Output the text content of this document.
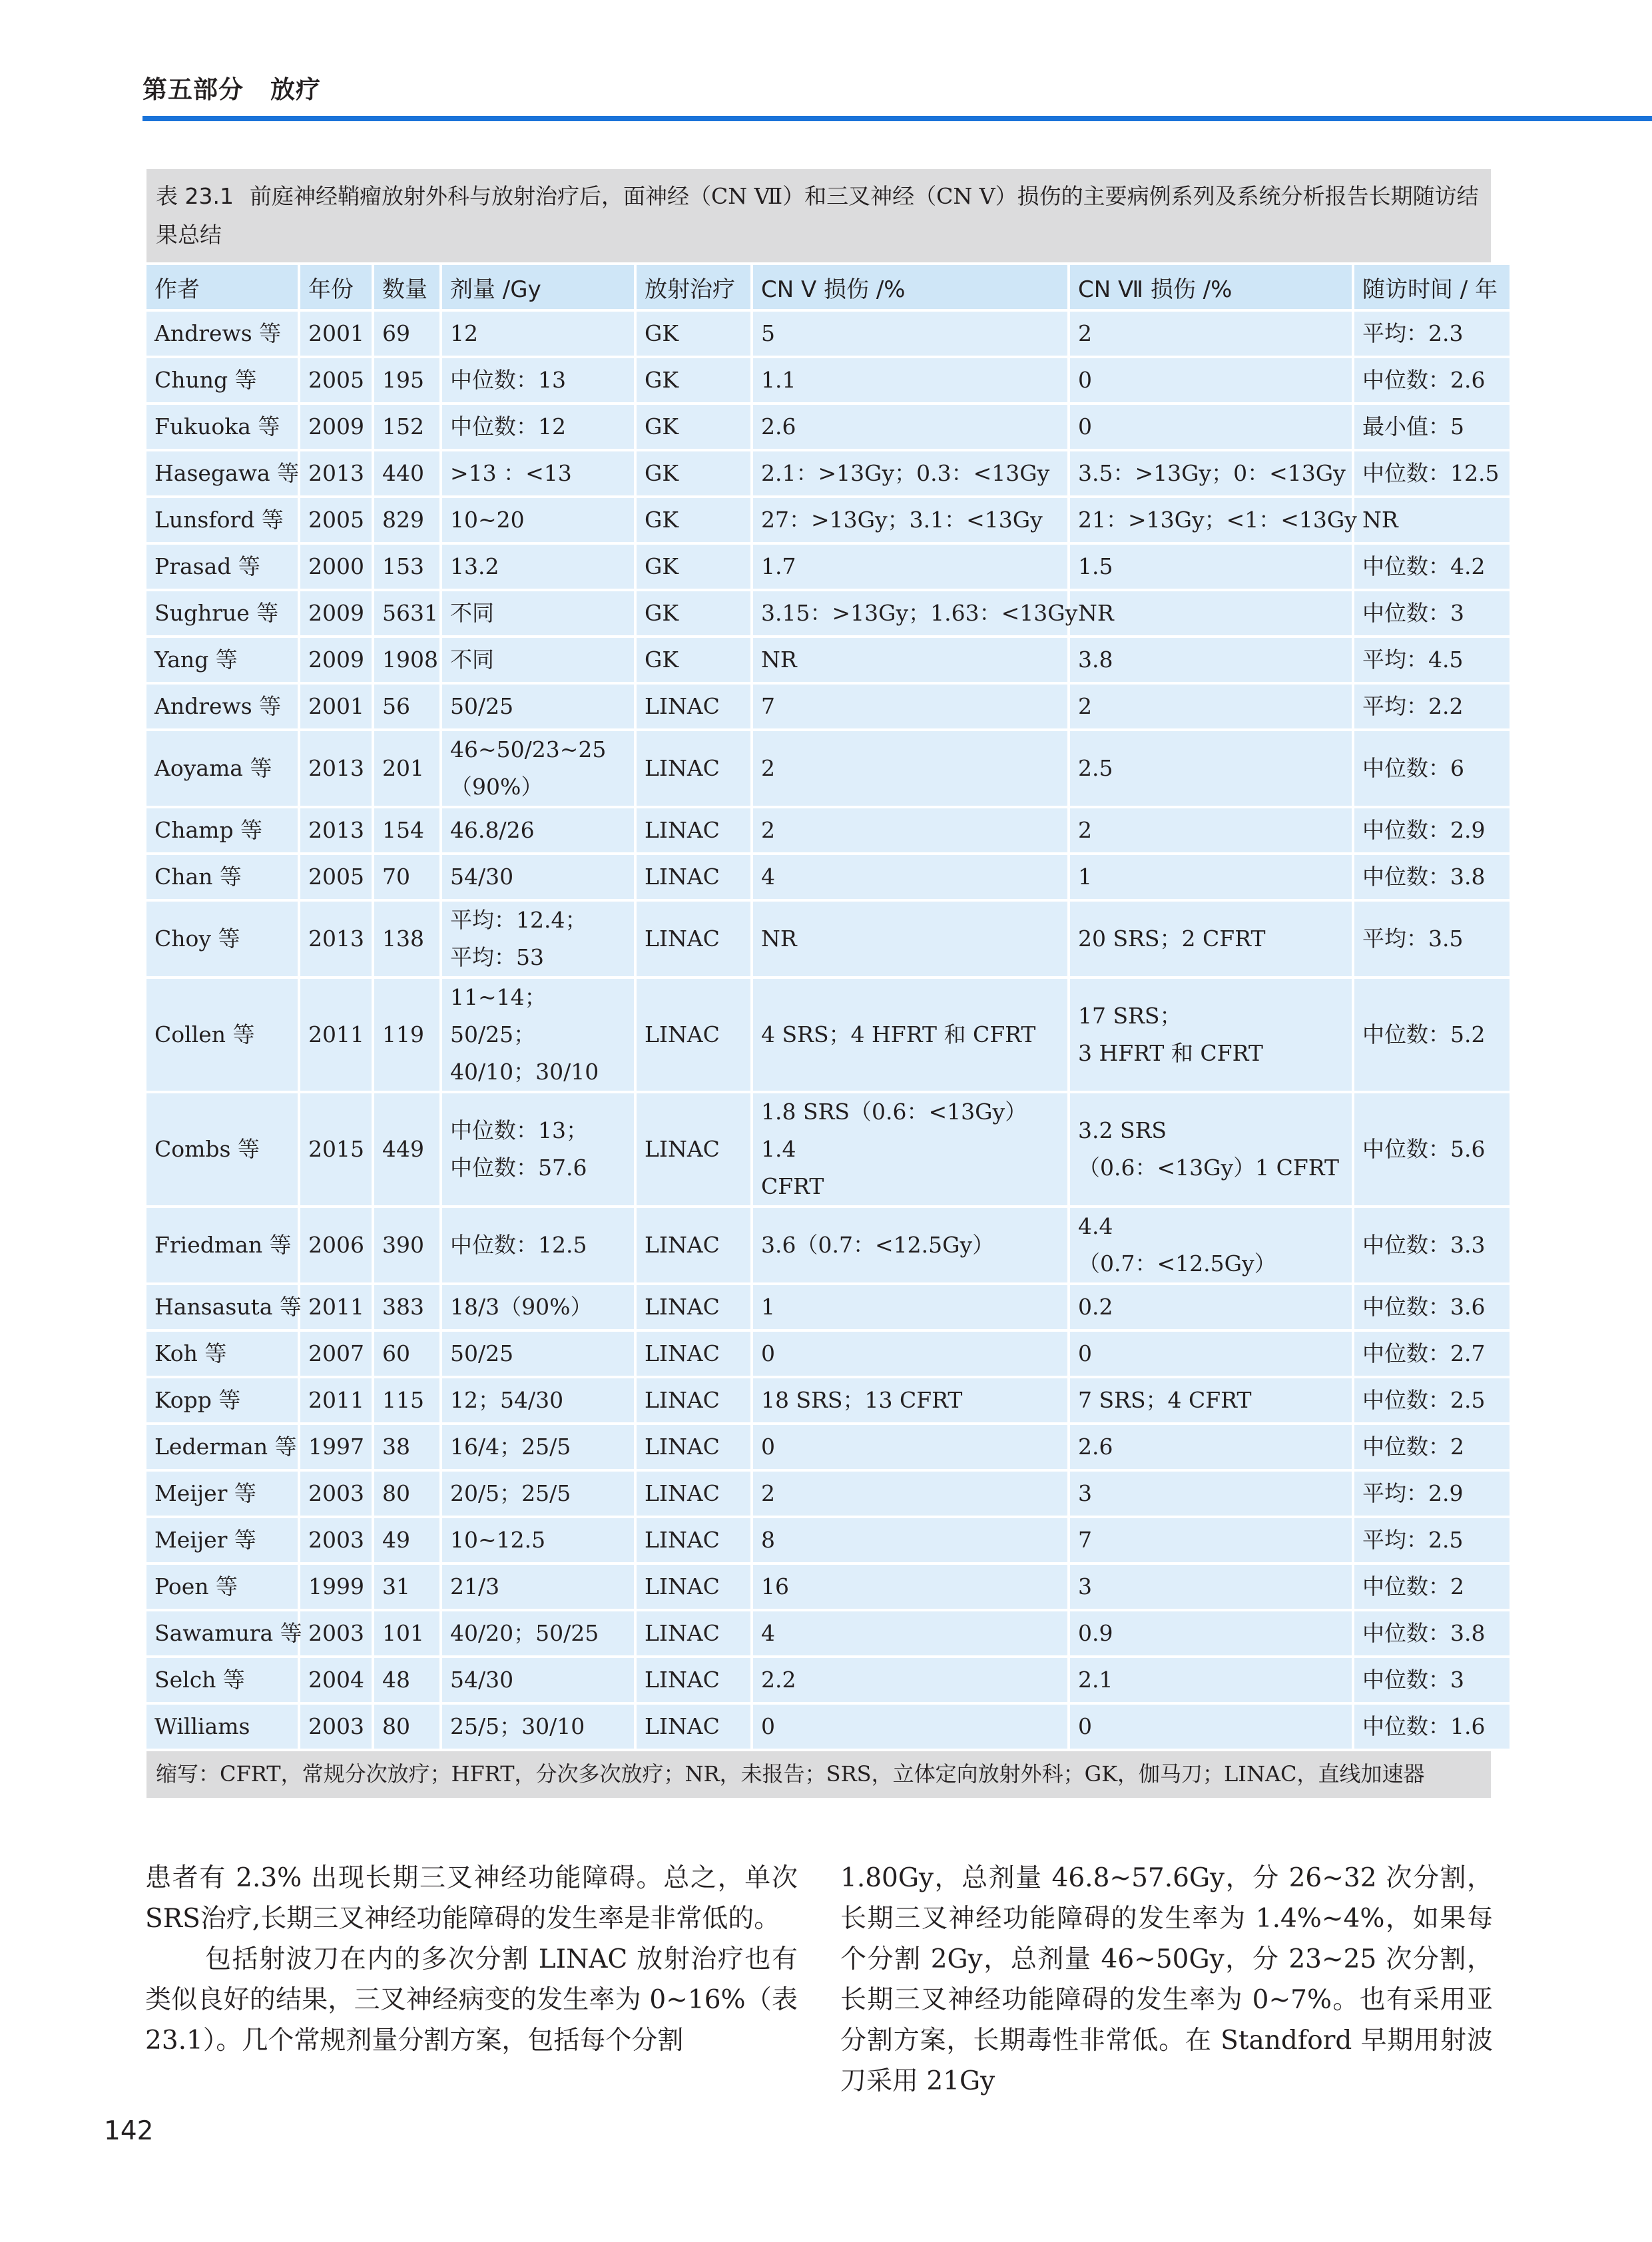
第五部分 放疗
表 23.1 前庭神经鞘瘤放射外科与放射治疗后，面神经（CN Ⅶ）和三叉神经（CN Ⅴ）损伤的主要病例系列及系统分析报告长期随访结果总结
作者	年份	数量	剂量 /Gy	放射治疗	CN Ⅴ 损伤 /%	CN Ⅶ 损伤 /%	随访时间 / 年
Andrews 等	2001	69	12	GK	5	2	平均：2.3
Chung 等	2005	195	中位数：13	GK	1.1	0	中位数：2.6
Fukuoka 等	2009	152	中位数：12	GK	2.6	0	最小值：5
Hasegawa 等	2013	440	>13 ：<13	GK	2.1：>13Gy；0.3：<13Gy	3.5：>13Gy；0：<13Gy	中位数：12.5
Lunsford 等	2005	829	10~20	GK	27：>13Gy；3.1：<13Gy	21：>13Gy；<1：<13Gy	NR
Prasad 等	2000	153	13.2	GK	1.7	1.5	中位数：4.2
Sughrue 等	2009	5631	不同	GK	3.15：>13Gy；1.63：<13Gy	NR	中位数：3
Yang 等	2009	1908	不同	GK	NR	3.8	平均：4.5
Andrews 等	2001	56	50/25	LINAC	7	2	平均：2.2
Aoyama 等	2013	201	46~50/23~25
（90%）	LINAC	2	2.5	中位数：6
Champ 等	2013	154	46.8/26	LINAC	2	2	中位数：2.9
Chan 等	2005	70	54/30	LINAC	4	1	中位数：3.8
Choy 等	2013	138	平均：12.4；
平均：53	LINAC	NR	20 SRS；2 CFRT	平均：3.5
Collen 等	2011	119	11~14；50/25；
40/10；30/10	LINAC	4 SRS；4 HFRT 和 CFRT	17 SRS；
3 HFRT 和 CFRT	中位数：5.2
Combs 等	2015	449	中位数：13；
中位数：57.6	LINAC	1.8 SRS（0.6：<13Gy）1.4
CFRT	3.2 SRS
（0.6：<13Gy）1 CFRT	中位数：5.6
Friedman 等	2006	390	中位数：12.5	LINAC	3.6（0.7：<12.5Gy）	4.4
（0.7：<12.5Gy）	中位数：3.3
Hansasuta 等	2011	383	18/3（90%）	LINAC	1	0.2	中位数：3.6
Koh 等	2007	60	50/25	LINAC	0	0	中位数：2.7
Kopp 等	2011	115	12；54/30	LINAC	18 SRS；13 CFRT	7 SRS；4 CFRT	中位数：2.5
Lederman 等	1997	38	16/4；25/5	LINAC	0	2.6	中位数：2
Meijer 等	2003	80	20/5；25/5	LINAC	2	3	平均：2.9
Meijer 等	2003	49	10~12.5	LINAC	8	7	平均：2.5
Poen 等	1999	31	21/3	LINAC	16	3	中位数：2
Sawamura 等	2003	101	40/20；50/25	LINAC	4	0.9	中位数：3.8
Selch 等	2004	48	54/30	LINAC	2.2	2.1	中位数：3
Williams	2003	80	25/5；30/10	LINAC	0	0	中位数：1.6
缩写：CFRT，常规分次放疗；HFRT，分次多次放疗；NR，未报告；SRS，立体定向放射外科；GK，伽马刀；LINAC，直线加速器

患者有 2.3% 出现长期三叉神经功能障碍。总之，单次SRS治疗,长期三叉神经功能障碍的发生率是非常低的。

包括射波刀在内的多次分割 LINAC 放射治疗也有类似良好的结果，三叉神经病变的发生率为 0~16%（表 23.1）。几个常规剂量分割方案，包括每个分割

1.80Gy，总剂量 46.8~57.6Gy，分 26~32 次分割，长期三叉神经功能障碍的发生率为 1.4%~4%，如果每个分割 2Gy，总剂量 46~50Gy，分 23~25 次分割，长期三叉神经功能障碍的发生率为 0~7%。也有采用亚分割方案，长期毒性非常低。在 Standford 早期用射波刀采用 21Gy

142
